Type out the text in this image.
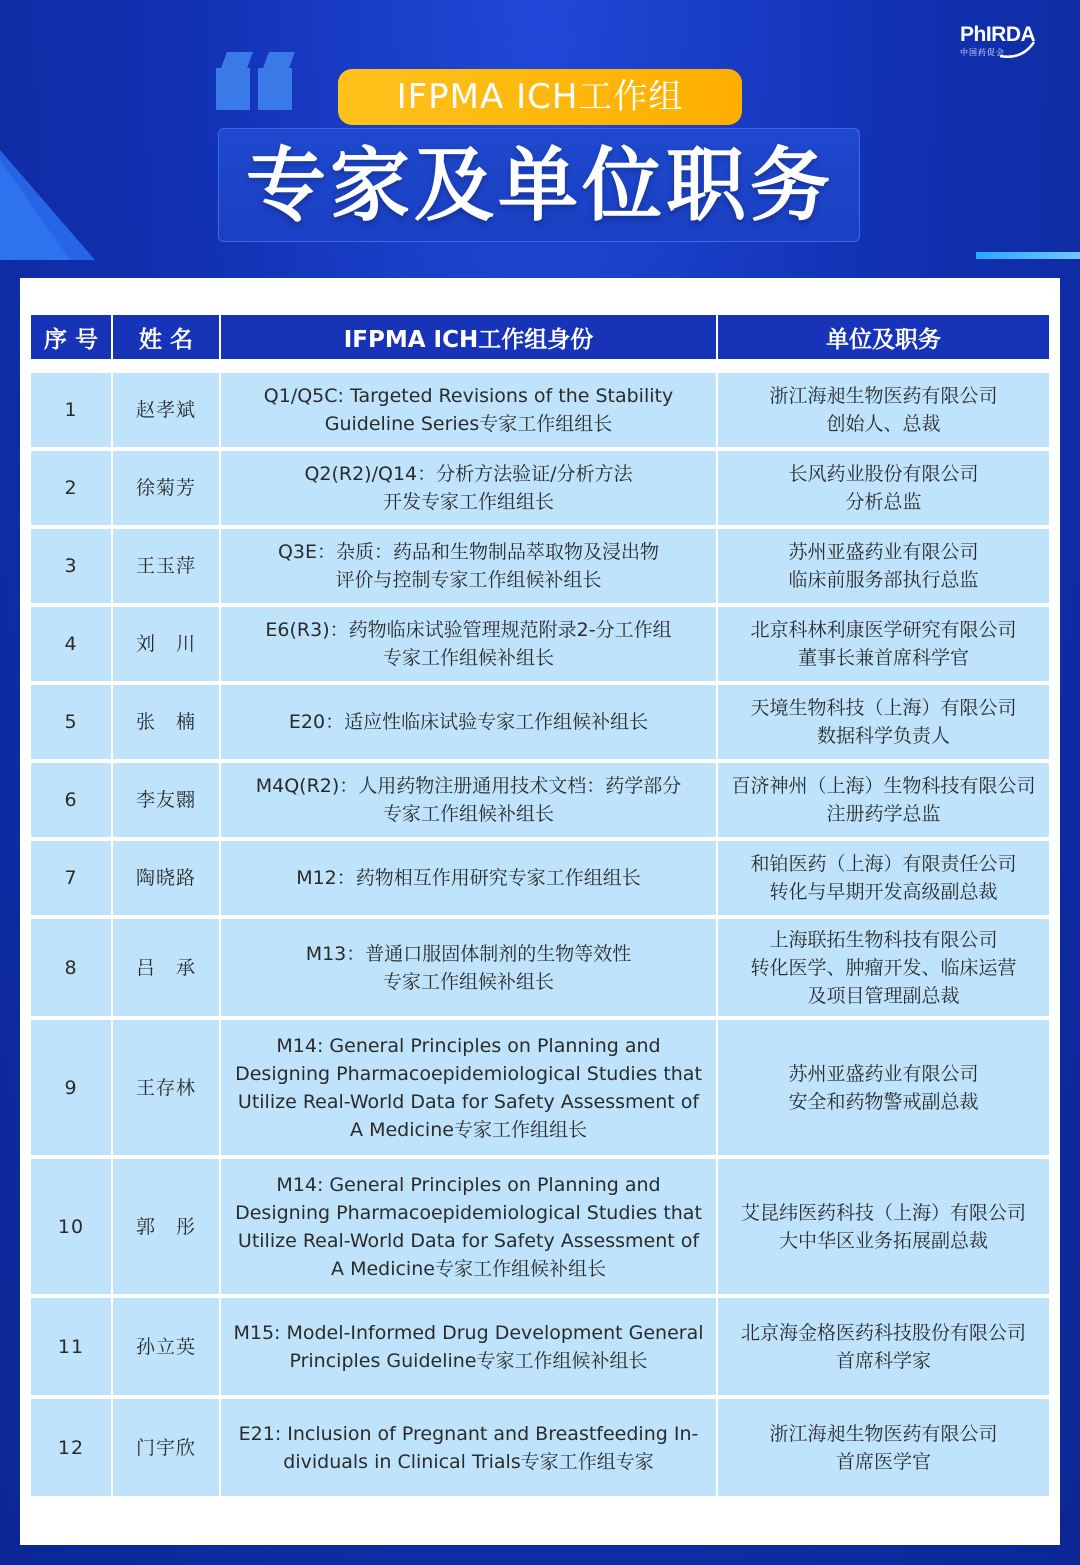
PhIRDA
中国药促会
IFPMA ICH工作组
专家及单位职务
序 号	姓 名	IFPMA ICH工作组身份	单位及职务

1	赵孝斌	Q1/Q5C: Targeted Revisions of the Stability
Guideline Series专家工作组组长	浙江海昶生物医药有限公司
创始人、总裁
2	徐菊芳	Q2(R2)/Q14：分析方法验证/分析方法
开发专家工作组组长	长风药业股份有限公司
分析总监
3	王玉萍	Q3E：杂质：药品和生物制品萃取物及浸出物
评价与控制专家工作组候补组长	苏州亚盛药业有限公司
临床前服务部执行总监
4	刘　川	E6(R3)：药物临床试验管理规范附录2-分工作组
专家工作组候补组长	北京科林利康医学研究有限公司
董事长兼首席科学官
5	张　楠	E20：适应性临床试验专家工作组候补组长	天境生物科技（上海）有限公司
数据科学负责人
6	李友翾	M4Q(R2)：人用药物注册通用技术文档：药学部分
专家工作组候补组长	百济神州（上海）生物科技有限公司
注册药学总监
7	陶晓路	M12：药物相互作用研究专家工作组组长	和铂医药（上海）有限责任公司
转化与早期开发高级副总裁
8	吕　承	M13：普通口服固体制剂的生物等效性
专家工作组候补组长	上海联拓生物科技有限公司
转化医学、肿瘤开发、临床运营
及项目管理副总裁
9	王存林	M14: General Principles on Planning and
Designing Pharmacoepidemiological Studies that
Utilize Real-World Data for Safety Assessment of
A Medicine专家工作组组长	苏州亚盛药业有限公司
安全和药物警戒副总裁
10	郭　彤	M14: General Principles on Planning and
Designing Pharmacoepidemiological Studies that
Utilize Real-World Data for Safety Assessment of
A Medicine专家工作组候补组长	艾昆纬医药科技（上海）有限公司
大中华区业务拓展副总裁
11	孙立英	M15: Model-Informed Drug Development General
Principles Guideline专家工作组候补组长	北京海金格医药科技股份有限公司
首席科学家
12	门宇欣	E21: Inclusion of Pregnant and Breastfeeding In-
dividuals in Clinical Trials专家工作组专家	浙江海昶生物医药有限公司
首席医学官
